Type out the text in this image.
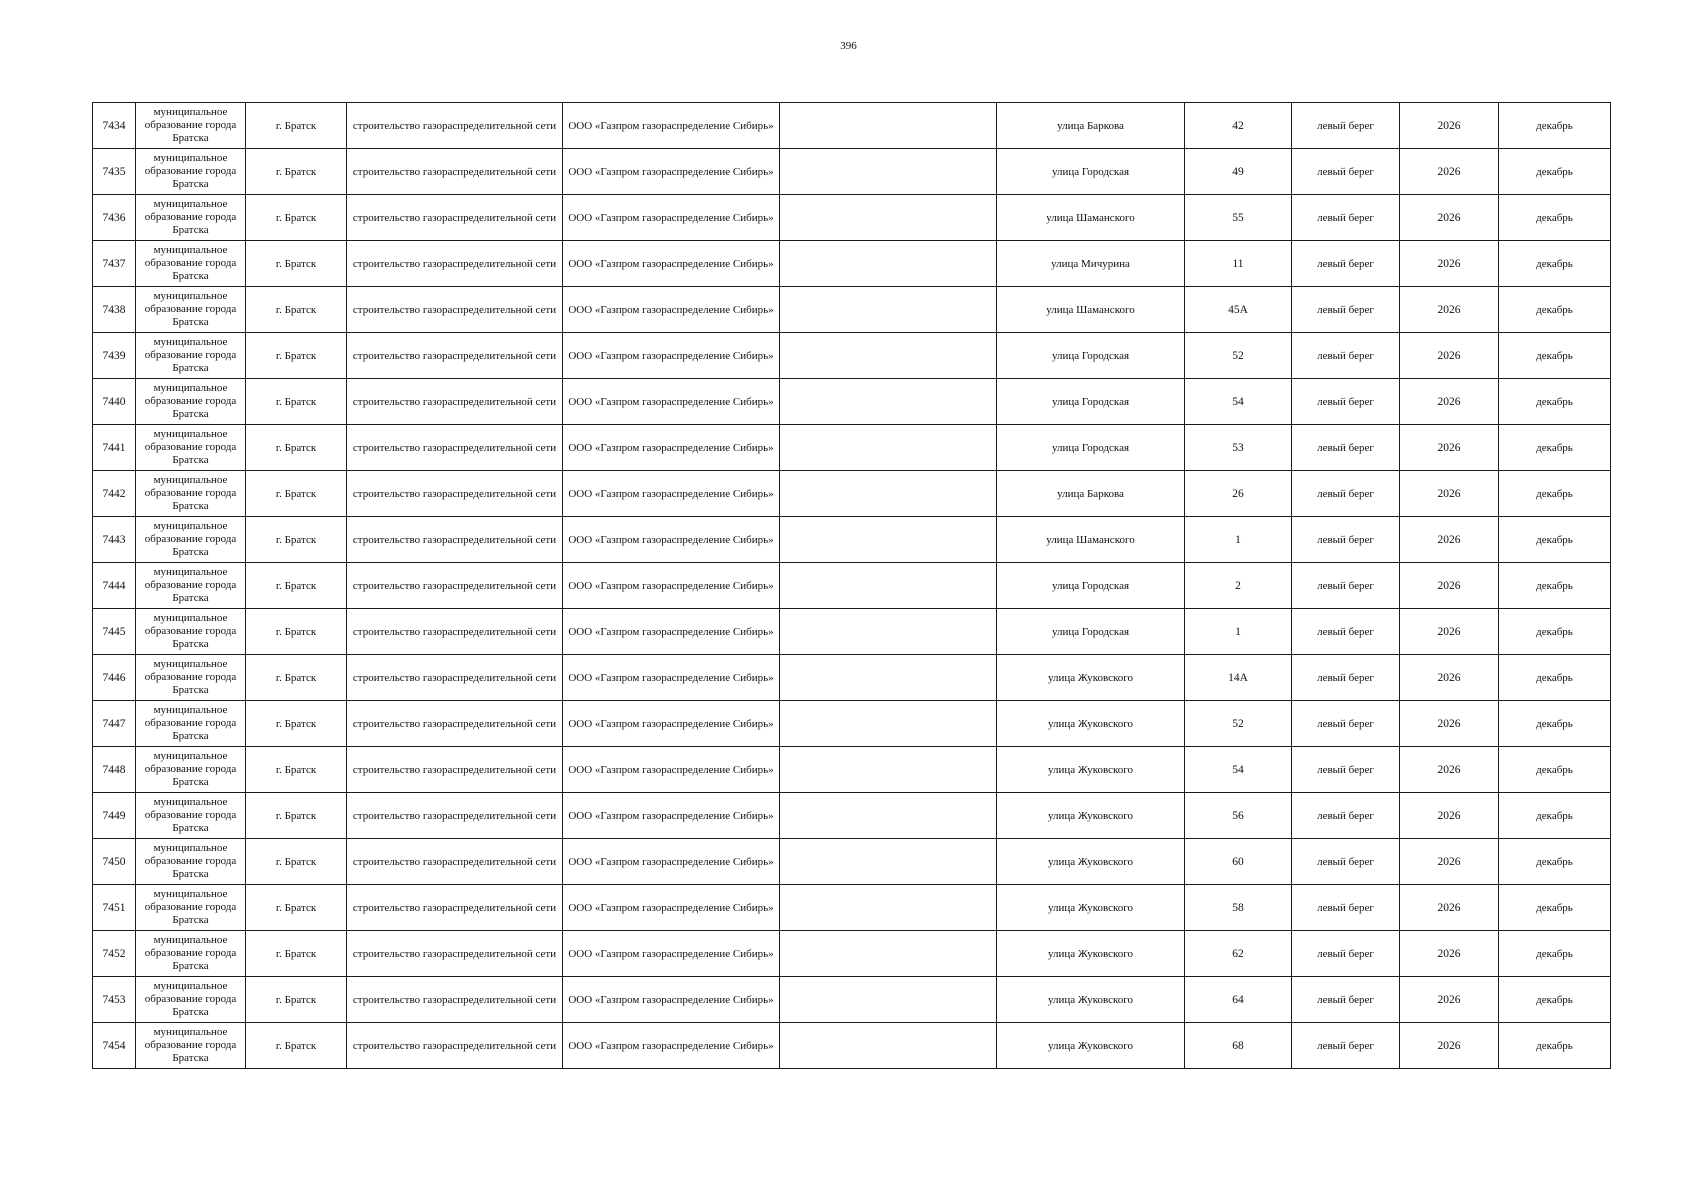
396
7434	муниципальное образование города Братска	г. Братск	строительство газораспределительной сети	ООО «Газпром газораспределение Сибирь»		улица Баркова	42	левый берег	2026	декабрь
7435	муниципальное образование города Братска	г. Братск	строительство газораспределительной сети	ООО «Газпром газораспределение Сибирь»		улица Городская	49	левый берег	2026	декабрь
7436	муниципальное образование города Братска	г. Братск	строительство газораспределительной сети	ООО «Газпром газораспределение Сибирь»		улица Шаманского	55	левый берег	2026	декабрь
7437	муниципальное образование города Братска	г. Братск	строительство газораспределительной сети	ООО «Газпром газораспределение Сибирь»		улица Мичурина	11	левый берег	2026	декабрь
7438	муниципальное образование города Братска	г. Братск	строительство газораспределительной сети	ООО «Газпром газораспределение Сибирь»		улица Шаманского	45А	левый берег	2026	декабрь
7439	муниципальное образование города Братска	г. Братск	строительство газораспределительной сети	ООО «Газпром газораспределение Сибирь»		улица Городская	52	левый берег	2026	декабрь
7440	муниципальное образование города Братска	г. Братск	строительство газораспределительной сети	ООО «Газпром газораспределение Сибирь»		улица Городская	54	левый берег	2026	декабрь
7441	муниципальное образование города Братска	г. Братск	строительство газораспределительной сети	ООО «Газпром газораспределение Сибирь»		улица Городская	53	левый берег	2026	декабрь
7442	муниципальное образование города Братска	г. Братск	строительство газораспределительной сети	ООО «Газпром газораспределение Сибирь»		улица Баркова	26	левый берег	2026	декабрь
7443	муниципальное образование города Братска	г. Братск	строительство газораспределительной сети	ООО «Газпром газораспределение Сибирь»		улица Шаманского	1	левый берег	2026	декабрь
7444	муниципальное образование города Братска	г. Братск	строительство газораспределительной сети	ООО «Газпром газораспределение Сибирь»		улица Городская	2	левый берег	2026	декабрь
7445	муниципальное образование города Братска	г. Братск	строительство газораспределительной сети	ООО «Газпром газораспределение Сибирь»		улица Городская	1	левый берег	2026	декабрь
7446	муниципальное образование города Братска	г. Братск	строительство газораспределительной сети	ООО «Газпром газораспределение Сибирь»		улица Жуковского	14А	левый берег	2026	декабрь
7447	муниципальное образование города Братска	г. Братск	строительство газораспределительной сети	ООО «Газпром газораспределение Сибирь»		улица Жуковского	52	левый берег	2026	декабрь
7448	муниципальное образование города Братска	г. Братск	строительство газораспределительной сети	ООО «Газпром газораспределение Сибирь»		улица Жуковского	54	левый берег	2026	декабрь
7449	муниципальное образование города Братска	г. Братск	строительство газораспределительной сети	ООО «Газпром газораспределение Сибирь»		улица Жуковского	56	левый берег	2026	декабрь
7450	муниципальное образование города Братска	г. Братск	строительство газораспределительной сети	ООО «Газпром газораспределение Сибирь»		улица Жуковского	60	левый берег	2026	декабрь
7451	муниципальное образование города Братска	г. Братск	строительство газораспределительной сети	ООО «Газпром газораспределение Сибирь»		улица Жуковского	58	левый берег	2026	декабрь
7452	муниципальное образование города Братска	г. Братск	строительство газораспределительной сети	ООО «Газпром газораспределение Сибирь»		улица Жуковского	62	левый берег	2026	декабрь
7453	муниципальное образование города Братска	г. Братск	строительство газораспределительной сети	ООО «Газпром газораспределение Сибирь»		улица Жуковского	64	левый берег	2026	декабрь
7454	муниципальное образование города Братска	г. Братск	строительство газораспределительной сети	ООО «Газпром газораспределение Сибирь»		улица Жуковского	68	левый берег	2026	декабрь
